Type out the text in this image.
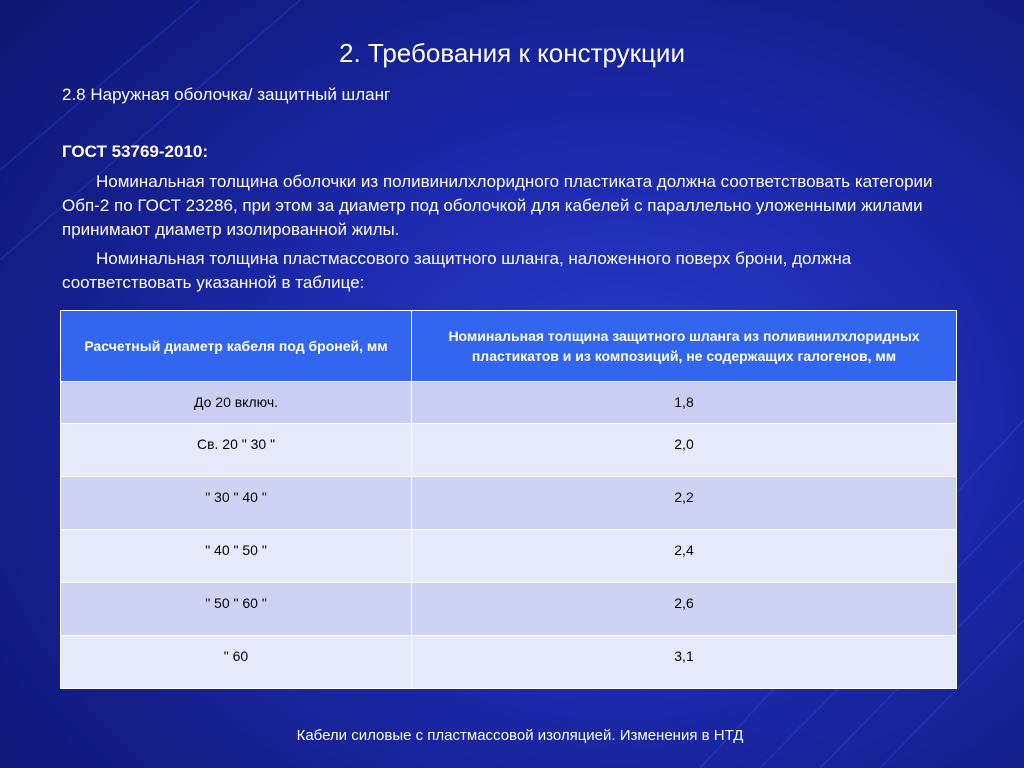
2. Требования к конструкции
2.8 Наружная оболочка/ защитный шланг
ГОСТ 53769-2010:
Номинальная толщина оболочки из поливинилхлоридного пластиката должна соответствовать категории Обп-2 по ГОСТ 23286, при этом за диаметр под оболочкой для кабелей с параллельно уложенными жилами принимают диаметр изолированной жилы.
Номинальная толщина пластмассового защитного шланга, наложенного поверх брони, должна соответствовать указанной в таблице:
Расчетный диаметр кабеля под броней, мм	Номинальная толщина защитного шланга из поливинилхлоридных пластикатов и из композиций, не содержащих галогенов, мм
До 20 включ.	1,8
Св. 20 " 30 "	2,0
" 30 " 40 "	2,2
" 40 " 50 "	2,4
" 50 " 60 "	2,6
" 60	3,1
Кабели силовые с пластмассовой изоляцией. Изменения в НТД
